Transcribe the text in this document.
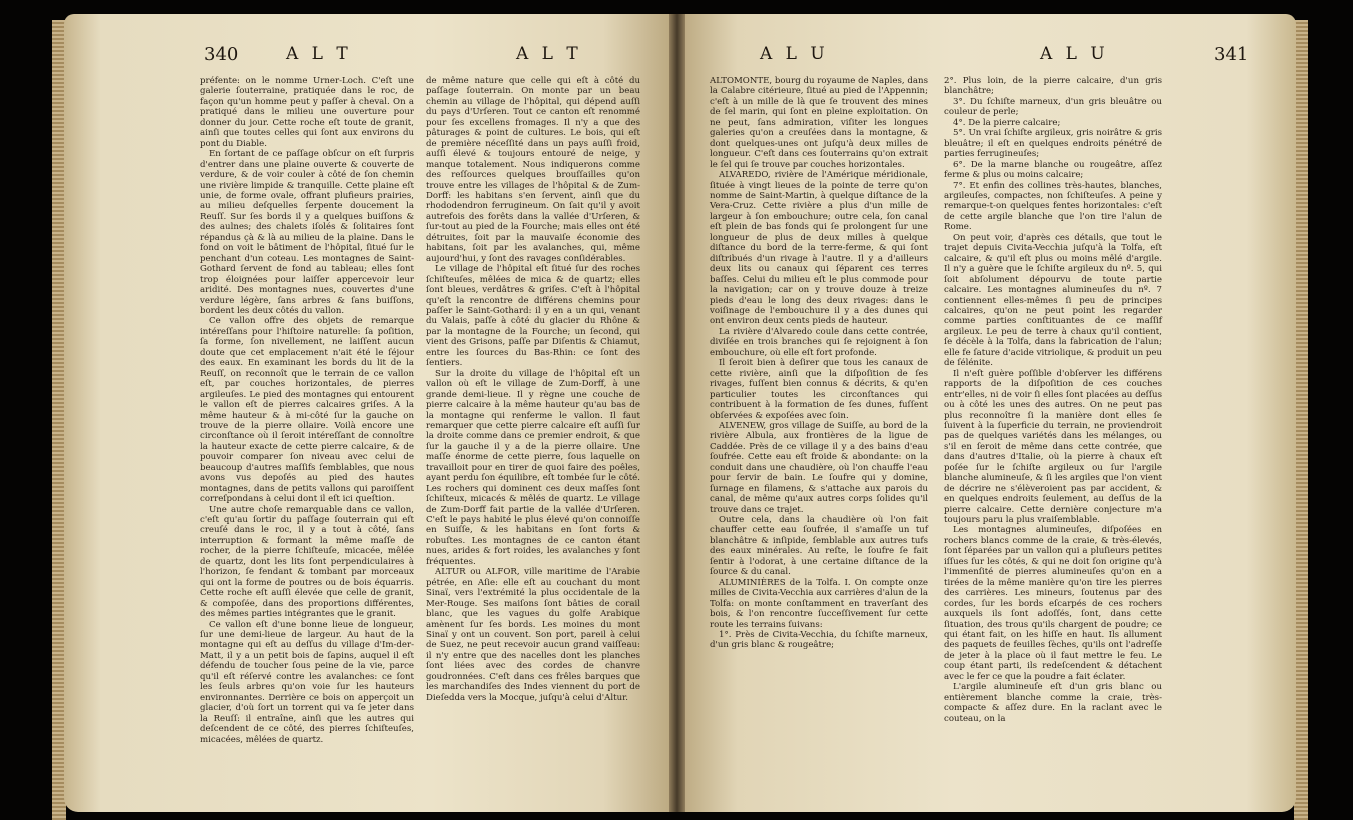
340	A L T	A L T

préfente: on le nomme Urner-Loch. C'eſt une galerie ſouterraine, pratiquée dans le roc, de façon qu'un homme peut y paſſer à cheval. On a pratiqué dans le milieu une ouverture pour donner du jour. Cette roche eſt toute de granit, ainſi que toutes celles qui ſont aux environs du pont du Diable.

En ſortant de ce paſſage obſcur on eſt ſurpris d'entrer dans une plaine ouverte & couverte de verdure, & de voir couler à côté de ſon chemin une rivière limpide & tranquille. Cette plaine eſt unie, de forme ovale, offrant plufieurs prairies, au milieu deſquelles ſerpente doucement la Reuſſ. Sur ſes bords il y a quelques buiſſons & des aulnes; des chalets iſolés & ſolitaires ſont répandus çà & là au milieu de la plaine. Dans le fond on voit le bâtiment de l'hôpital, ſitué ſur le penchant d'un coteau. Les montagnes de Saint-Gothard ſervent de fond au tableau; elles ſont trop éloignées pour laiſſer appercevoir leur aridité. Des montagnes nues, couvertes d'une verdure légère, ſans arbres & ſans buiſſons, bordent les deux côtés du vallon.

Ce vallon offre des objets de remarque intéreſſans pour l'hiſtoire naturelle: ſa poſition, ſa forme, ſon nivellement, ne laiſſent aucun doute que cet emplacement n'ait été le ſéjour des eaux. En examinant les bords du lit de la Reuſſ, on reconnoît que le terrain de ce vallon eſt, par couches horizontales, de pierres argileuſes. Le pied des montagnes qui entourent le vallon eſt de pierres calcaires griſes. A la même hauteur & à mi-côté ſur la gauche on trouve de la pierre ollaire. Voilà encore une circonſtance où il ſeroit intéreſſant de connoître la hauteur exacte de cette pierre calcaire, & de pouvoir comparer ſon niveau avec celui de beaucoup d'autres maſſifs ſemblables, que nous avons vus depoſés au pied des hautes montagnes, dans de petits vallons qui paroiſſent correſpondans à celui dont il eſt ici queſtion.

Une autre choſe remarquable dans ce vallon, c'eſt qu'au ſortir du paſſage ſouterrain qui eſt creuſé dans le roc, il y a tout à côté, ſans interruption & formant la même maſſe de rocher, de la pierre ſchiſteuſe, micacée, mêlée de quartz, dont les lits ſont perpendiculaires à l'horizon, ſe fendant & tombant par morceaux qui ont la forme de poutres ou de bois équarris. Cette roche eſt auſſi élevée que celle de granit, & compoſée, dans des proportions différentes, des mêmes parties intégrantes que le granit.

Ce vallon eſt d'une bonne lieue de longueur, ſur une demi-lieue de largeur. Au haut de la montagne qui eſt au deſſus du village d'Im-der-Matt, il y a un petit bois de ſapins, auquel il eſt défendu de toucher ſous peine de la vie, parce qu'il eſt réſervé contre les avalanches: ce ſont les ſeuls arbres qu'on voie ſur les hauteurs environnantes. Derrière ce bois on apperçoit un glacier, d'où ſort un torrent qui va ſe jeter dans la Reuſſ: il entraîne, ainſi que les autres qui deſcendent de ce côté, des pierres ſchiſteuſes, micacées, mêlées de quartz.

de même nature que celle qui eſt à côté du paſſage ſouterrain. On monte par un beau chemin au village de l'hôpital, qui dépend auſſi du pays d'Urſeren. Tout ce canton eſt renommé pour ſes excellens fromages. Il n'y a que des pâturages & point de cultures. Le bois, qui eſt de première néceſſité dans un pays auſſi froid, auſſi élevé & toujours entouré de neige, y manque totalement. Nous indiquerons comme des reſſources quelques brouſſailles qu'on trouve entre les villages de l'hôpital & de Zum-Dorff: les habitans s'en ſervent, ainſi que du rhododendron ferrugineum. On ſait qu'il y avoit autrefois des forêts dans la vallée d'Urſeren, & ſur-tout au pied de la Fourche; mais elles ont été détruites, ſoit par la mauvaiſe économie des habitans, ſoit par les avalanches, qui, même aujourd'hui, y ſont des ravages conſidérables.

Le village de l'hôpital eſt ſitué ſur des roches ſchiſteuſes, mêlées de mica & de quartz; elles ſont bleues, verdâtres & griſes. C'eſt à l'hôpital qu'eſt la rencontre de différens chemins pour paſſer le Saint-Gothard: il y en a un qui, venant du Valais, paſſe à côté du glacier du Rhône & par la montagne de la Fourche; un ſecond, qui vient des Grisons, paſſe par Diſentis & Chiamut, entre les ſources du Bas-Rhin: ce ſont des ſentiers.

Sur la droite du village de l'hôpital eſt un vallon où eſt le village de Zum-Dorff, à une grande demi-lieue. Il y règne une couche de pierre calcaire à la même hauteur qu'au bas de la montagne qui renferme le vallon. Il faut remarquer que cette pierre calcaire eſt auſſi ſur la droite comme dans ce premier endroit, & que ſur la gauche il y a de la pierre ollaire. Une maſſe énorme de cette pierre, ſous laquelle on travailloit pour en tirer de quoi faire des poêles, ayant perdu ſon équilibre, eſt tombée ſur le côté. Les rochers qui dominent ces deux maſſes ſont ſchiſteux, micacés & mêlés de quartz. Le village de Zum-Dorff fait partie de la vallée d'Urſeren. C'eſt le pays habité le plus élevé qu'on connoiſſe en Suiſſe, & les habitans en ſont forts & robuſtes. Les montagnes de ce canton étant nues, arides & fort roides, les avalanches y ſont fréquentes.

ALTUR ou ALFOR, ville maritime de l'Arabie pétrée, en Aſie: elle eſt au couchant du mont Sinaï, vers l'extrémité la plus occidentale de la Mer-Rouge. Ses maiſons ſont bâties de corail blanc, que les vagues du golfe Arabique amènent ſur ſes bords. Les moines du mont Sinaï y ont un couvent. Son port, pareil à celui de Suez, ne peut recevoir aucun grand vaiſſeau: il n'y entre que des nacelles dont les planches ſont liées avec des cordes de chanvre goudronnées. C'eſt dans ces frêles barques que les marchandiſes des Indes viennent du port de Dieſedda vers la Mocque, juſqu'à celui d'Altur.

A L U	A L U	341

ALTOMONTE, bourg du royaume de Naples, dans la Calabre citérieure, ſitué au pied de l'Appennin; c'eſt à un mille de là que ſe trouvent des mines de ſel marin, qui ſont en pleine exploitation. On ne peut, ſans admiration, viſiter les longues galeries qu'on a creuſées dans la montagne, & dont quelques-unes ont juſqu'à deux milles de longueur. C'eſt dans ces ſouterrains qu'on extrait le ſel qui ſe trouve par couches horizontales.

ALVAREDO, rivière de l'Amérique méridionale, ſituée à vingt lieues de la pointe de terre qu'on nomme de Saint-Martin, à quelque diſtance de la Vera-Cruz. Cette rivière a plus d'un mille de largeur à ſon embouchure; outre cela, ſon canal eſt plein de bas fonds qui ſe prolongent ſur une longueur de plus de deux milles à quelque diſtance du bord de la terre-ferme, & qui ſont diſtribués d'un rivage à l'autre. Il y a d'ailleurs deux lits ou canaux qui ſéparent ces terres baſſes. Celui du milieu eſt le plus commode pour la navigation; car on y trouve douze à treize pieds d'eau le long des deux rivages: dans le voiſinage de l'embouchure il y a des dunes qui ont environ deux cents pieds de hauteur.

La rivière d'Alvaredo coule dans cette contrée, diviſée en trois branches qui ſe rejoignent à ſon embouchure, où elle eſt fort profonde.

Il ſeroit bien à deſirer que tous les canaux de cette rivière, ainſi que la diſpoſition de ſes rivages, fuſſent bien connus & décrits, & qu'en particulier toutes les circonſtances qui contribuent à la formation de ſes dunes, fuſſent obſervées & expoſées avec ſoin.

ALVENEW, gros village de Suiſſe, au bord de la rivière Albula, aux frontières de la ligue de Caddée. Près de ce village il y a des bains d'eau ſoufrée. Cette eau eſt froide & abondante: on la conduit dans une chaudière, où l'on chauffe l'eau pour ſervir de bain. Le ſoufre qui y domine, ſurnage en filamens, & s'attache aux parois du canal, de même qu'aux autres corps ſolides qu'il trouve dans ce trajet.

Outre cela, dans la chaudière où l'on fait chauffer cette eau ſoufrée, il s'amaſſe un tuf blanchâtre & inſipide, ſemblable aux autres tufs des eaux minérales. Au reſte, le ſoufre ſe fait ſentir à l'odorat, à une certaine diſtance de la ſource & du canal.

ALUMINIÈRES de la Tolfa. I. On compte onze milles de Civita-Vecchia aux carrières d'alun de la Tolfa: on monte conſtamment en traverſant des bois, & l'on rencontre ſucceſſivement ſur cette route les terrains ſuivans:

1°. Près de Civita-Vecchia, du ſchiſte marneux, d'un gris blanc & rougeâtre;

2°. Plus loin, de la pierre calcaire, d'un gris blanchâtre;

3°. Du ſchiſte marneux, d'un gris bleuâtre ou couleur de perle;

4°. De la pierre calcaire;

5°. Un vrai ſchiſte argileux, gris noirâtre & gris bleuâtre; il eſt en quelques endroits pénétré de parties ferrugineuſes;

6°. De la marne blanche ou rougeâtre, aſſez ferme & plus ou moins calcaire;

7°. Et enfin des collines très-hautes, blanches, argileuſes, compactes, non ſchiſteuſes. A peine y remarque-t-on quelques fentes horizontales: c'eſt de cette argile blanche que l'on tire l'alun de Rome.

On peut voir, d'après ces détails, que tout le trajet depuis Civita-Vecchia juſqu'à la Tolfa, eſt calcaire, & qu'il eſt plus ou moins mêlé d'argile. Il n'y a guère que le ſchiſte argileux du nº. 5, qui ſoit abſolument dépourvu de toute partie calcaire. Les montagnes alumineuſes du nº. 7 contiennent elles-mêmes ſi peu de principes calcaires, qu'on ne peut point les regarder comme parties conſtituantes de ce maſſif argileux. Le peu de terre à chaux qu'il contient, ſe décèle à la Tolfa, dans la fabrication de l'alun; elle fe ſature d'acide vitriolique, & produit un peu de ſélénite.

Il n'eſt guère poſſible d'obſerver les différens rapports de la diſpoſition de ces couches entr'elles, ni de voir ſi elles ſont placées au deſſus ou à côté les unes des autres. On ne peut pas plus reconnoître ſi la manière dont elles ſe ſuivent à la ſuperficie du terrain, ne proviendroit pas de quelques variétés dans les mélanges, ou s'il en ſeroit de même dans cette contrée, que dans d'autres d'Italie, où la pierre à chaux eſt poſée ſur le ſchiſte argileux ou ſur l'argile blanche alumineuſe, & ſi les argiles que l'on vient de décrire ne s'élèveroient pas par accident, & en quelques endroits ſeulement, au deſſus de la pierre calcaire. Cette dernière conjecture m'a toujours paru la plus vraiſemblable.

Les montagnes alumineuſes, diſpoſées en rochers blancs comme de la craie, & très-élevés, ſont ſéparées par un vallon qui a pluſieurs petites iſſues ſur les côtés, & qui ne doit ſon origine qu'à l'immenſité de pierres alumineuſes qu'on en a tirées de la même manière qu'on tire les pierres des carrières. Les mineurs, ſoutenus par des cordes, ſur les bords eſcarpés de ces rochers auxquels ils ſont adoſſés, ſont, dans cette ſituation, des trous qu'ils chargent de poudre; ce qui étant fait, on les hiſſe en haut. Ils allument des paquets de feuilles ſèches, qu'ils ont l'adreſſe de jeter à la place où il faut mettre le feu. Le coup étant parti, ils redeſcendent & détachent avec le fer ce que la poudre a fait éclater.

L'argile alumineuſe eſt d'un gris blanc ou entièrement blanche comme la craie, très-compacte & aſſez dure. En la raclant avec le couteau, on la
